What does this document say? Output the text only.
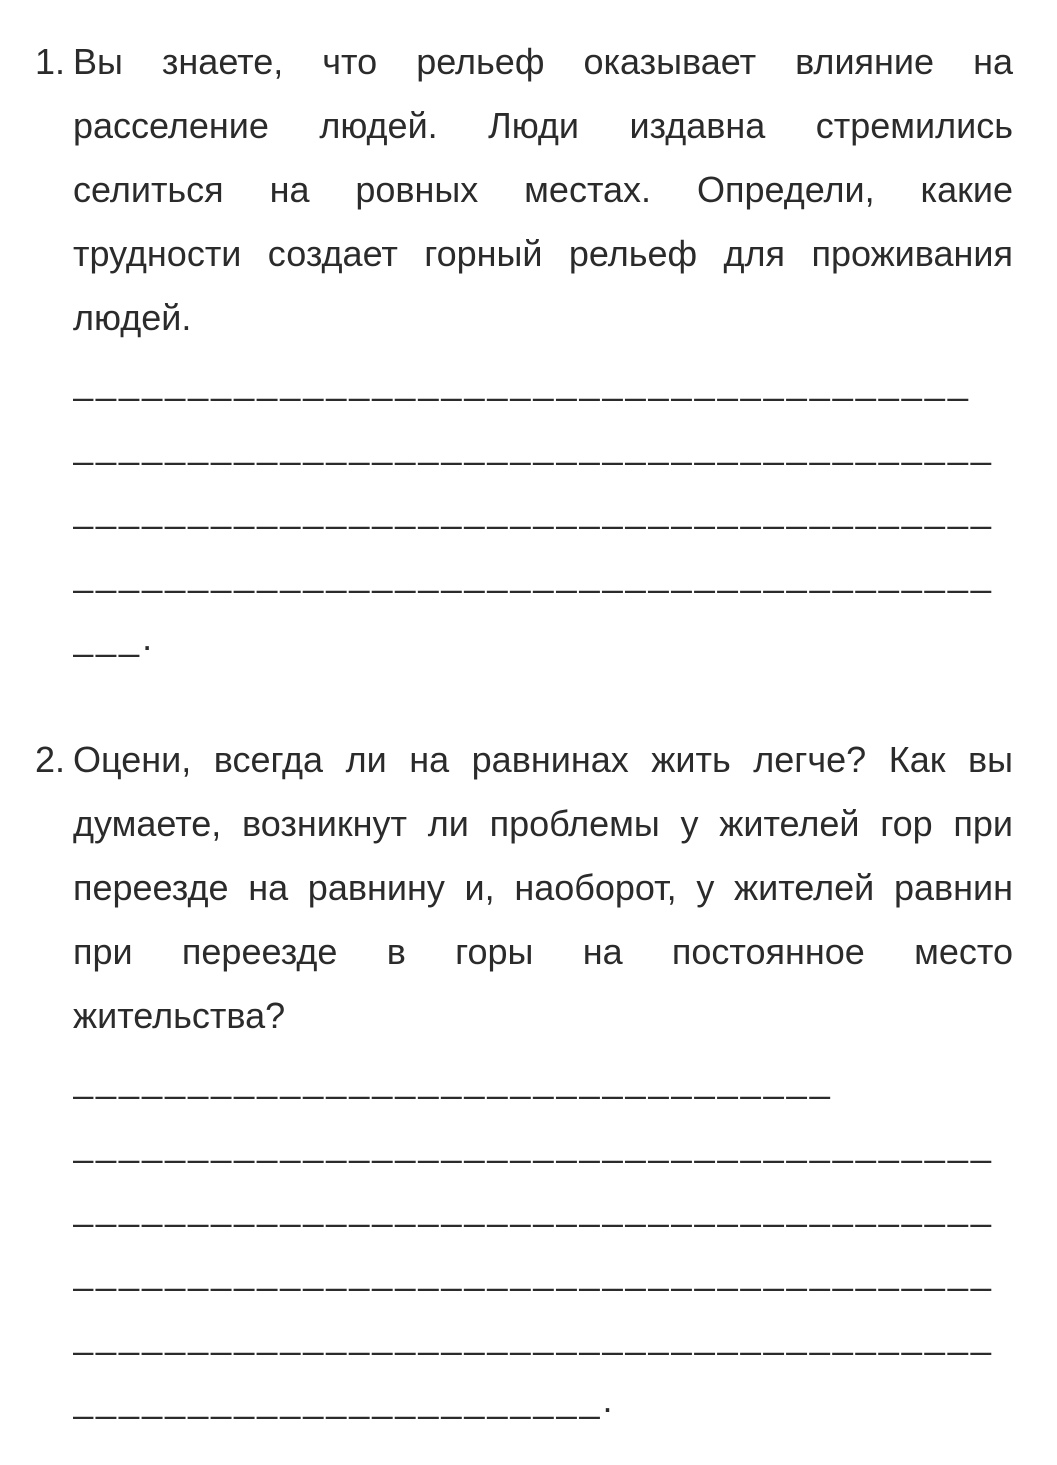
1. Вы знаете, что рельеф оказывает влияние на
расселение людей. Люди издавна стремились
селиться на ровных местах. Определи, какие
трудности создает горный рельеф для проживания
людей.
_______________________________________
________________________________________
________________________________________
________________________________________
___.
2. Оцени, всегда ли на равнинах жить легче? Как вы
думаете, возникнут ли проблемы у жителей гор при
переезде на равнину и, наоборот, у жителей равнин
при переезде в горы на постоянное место
жительства?
_________________________________
________________________________________
________________________________________
________________________________________
________________________________________
_______________________.
